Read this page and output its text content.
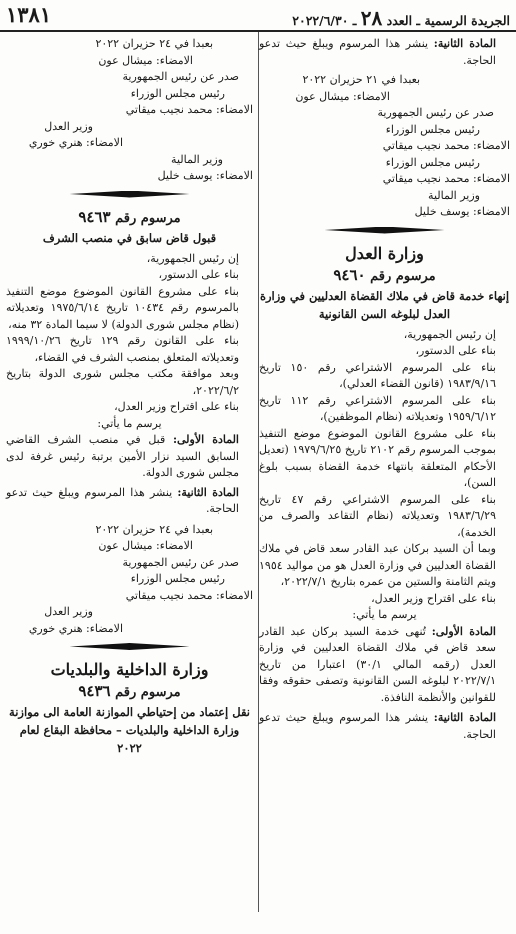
الجريدة الرسمية ـ العدد ٢٨ ـ ٢٠٢٢/٦/٣٠
١٣٨١

المادة الثانية: ينشر هذا المرسوم ويبلغ حيث تدعو الحاجة.

بعبدا في ٢١ حزيران ٢٠٢٢

الامضاء: ميشال عون

صدر عن رئيس الجمهورية

رئيس مجلس الوزراء

الامضاء: محمد نجيب ميقاتي

رئيس مجلس الوزراء

الامضاء: محمد نجيب ميقاتي

وزير المالية

الامضاء: يوسف خليل

وزارة العدل
مرسوم رقم ٩٤٦٠
إنهاء خدمة قاض في ملاك القضاة العدليين في وزارة العدل لبلوغه السن القانونية

إن رئيس الجمهورية،

بناء على الدستور،

بناء على المرسوم الاشتراعي رقم ١٥٠ تاريخ ١٩٨٣/٩/١٦ (قانون القضاء العدلي)،

بناء على المرسوم الاشتراعي رقم ١١٢ تاريخ ١٩٥٩/٦/١٢ وتعديلاته (نظام الموظفين)،

بناء على مشروع القانون الموضوع موضع التنفيذ بموجب المرسوم رقم ٢١٠٢ تاريخ ١٩٧٩/٦/٢٥ (تعديل الأحكام المتعلقة بانتهاء خدمة القضاة بسبب بلوغ السن)،

بناء على المرسوم الاشتراعي رقم ٤٧ تاريخ ١٩٨٣/٦/٢٩ وتعديلاته (نظام التقاعد والصرف من الخدمة)،

وبما أن السيد بركان عبد القادر سعد قاض في ملاك القضاة العدليين في وزارة العدل هو من مواليد ١٩٥٤ ويتم الثامنة والستين من عمره بتاريخ ٢٠٢٢/٧/١،

بناء على اقتراح وزير العدل،

يرسم ما يأتي:

المادة الأولى: تُنهى خدمة السيد بركان عبد القادر سعد قاض في ملاك القضاة العدليين في وزارة العدل (رقمه المالي ٣٠/١) اعتبارا من تاريخ ٢٠٢٢/٧/١ لبلوغه السن القانونية وتصفى حقوقه وفقا للقوانين والأنظمة النافذة.

المادة الثانية: ينشر هذا المرسوم ويبلغ حيث تدعو الحاجة.

بعبدا في ٢٤ حزيران ٢٠٢٢

الامضاء: ميشال عون

صدر عن رئيس الجمهورية

رئيس مجلس الوزراء

الامضاء: محمد نجيب ميقاتي

وزير العدل

الامضاء: هنري خوري

وزير المالية

الامضاء: يوسف خليل

مرسوم رقم ٩٤٦٣
قبول قاض سابق في منصب الشرف

إن رئيس الجمهورية،

بناء على الدستور،

بناء على مشروع القانون الموضوع موضع التنفيذ بالمرسوم رقم ١٠٤٣٤ تاريخ ١٩٧٥/٦/١٤ وتعديلاته (نظام مجلس شورى الدولة) لا سيما المادة ٣٢ منه،

بناء على القانون رقم ١٢٩ تاريخ ١٩٩٩/١٠/٢٦ وتعديلاته المتعلق بمنصب الشرف في القضاء،

وبعد موافقة مكتب مجلس شورى الدولة بتاريخ ٢٠٢٢/٦/٢،

بناء على اقتراح وزير العدل،

يرسم ما يأتي:

المادة الأولى: قبل في منصب الشرف القاضي السابق السيد نزار الأمين برتبة رئيس غرفة لدى مجلس شورى الدولة.

المادة الثانية: ينشر هذا المرسوم ويبلغ حيث تدعو الحاجة.

بعبدا في ٢٤ حزيران ٢٠٢٢

الامضاء: ميشال عون

صدر عن رئيس الجمهورية

رئيس مجلس الوزراء

الامضاء: محمد نجيب ميقاتي

وزير العدل

الامضاء: هنري خوري

وزارة الداخلية والبلديات
مرسوم رقم ٩٤٣٦
نقل إعتماد من إحتياطي الموازنة العامة الى موازنة وزارة الداخلية والبلديات – محافظة البقاع لعام ٢٠٢٢
